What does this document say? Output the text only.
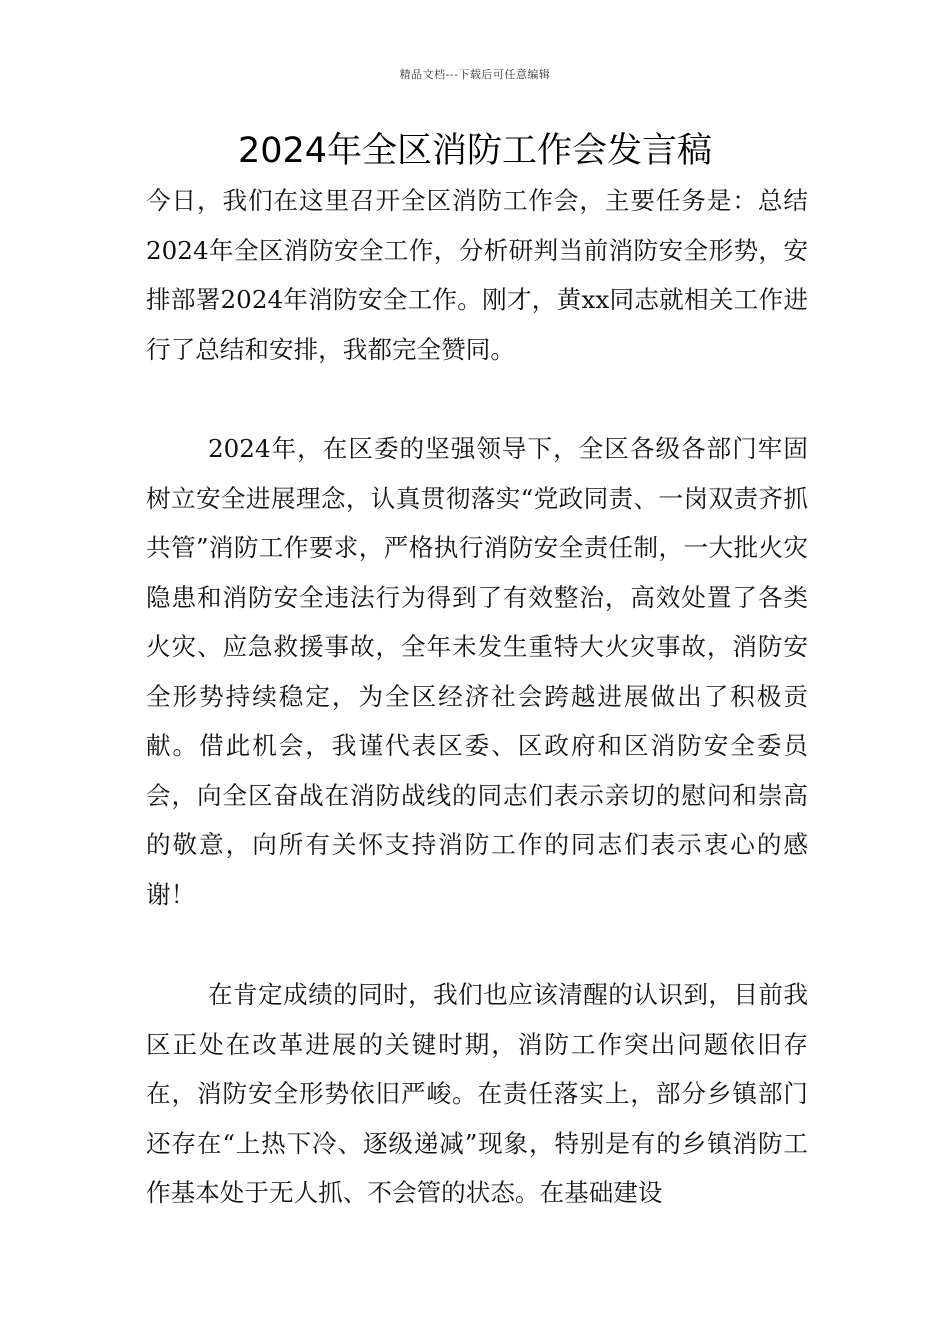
精品文档---下载后可任意编辑
2024年全区消防工作会发言稿

今日，我们在这里召开全区消防工作会，主要任务是：总结2024年全区消防安全工作，分析研判当前消防安全形势，安排部署2024年消防安全工作。刚才，黄xx同志就相关工作进行了总结和安排，我都完全赞同。

2024年，在区委的坚强领导下，全区各级各部门牢固树立安全进展理念，认真贯彻落实“党政同责、一岗双责齐抓共管”消防工作要求，严格执行消防安全责任制，一大批火灾隐患和消防安全违法行为得到了有效整治，高效处置了各类火灾、应急救援事故，全年未发生重特大火灾事故，消防安全形势持续稳定，为全区经济社会跨越进展做出了积极贡献。借此机会，我谨代表区委、区政府和区消防安全委员会，向全区奋战在消防战线的同志们表示亲切的慰问和崇高的敬意，向所有关怀支持消防工作的同志们表示衷心的感谢！

在肯定成绩的同时，我们也应该清醒的认识到，目前我区正处在改革进展的关键时期，消防工作突出问题依旧存在，消防安全形势依旧严峻。在责任落实上，部分乡镇部门还存在“上热下冷、逐级递减”现象，特别是有的乡镇消防工作基本处于无人抓、不会管的状态。在基础建设
